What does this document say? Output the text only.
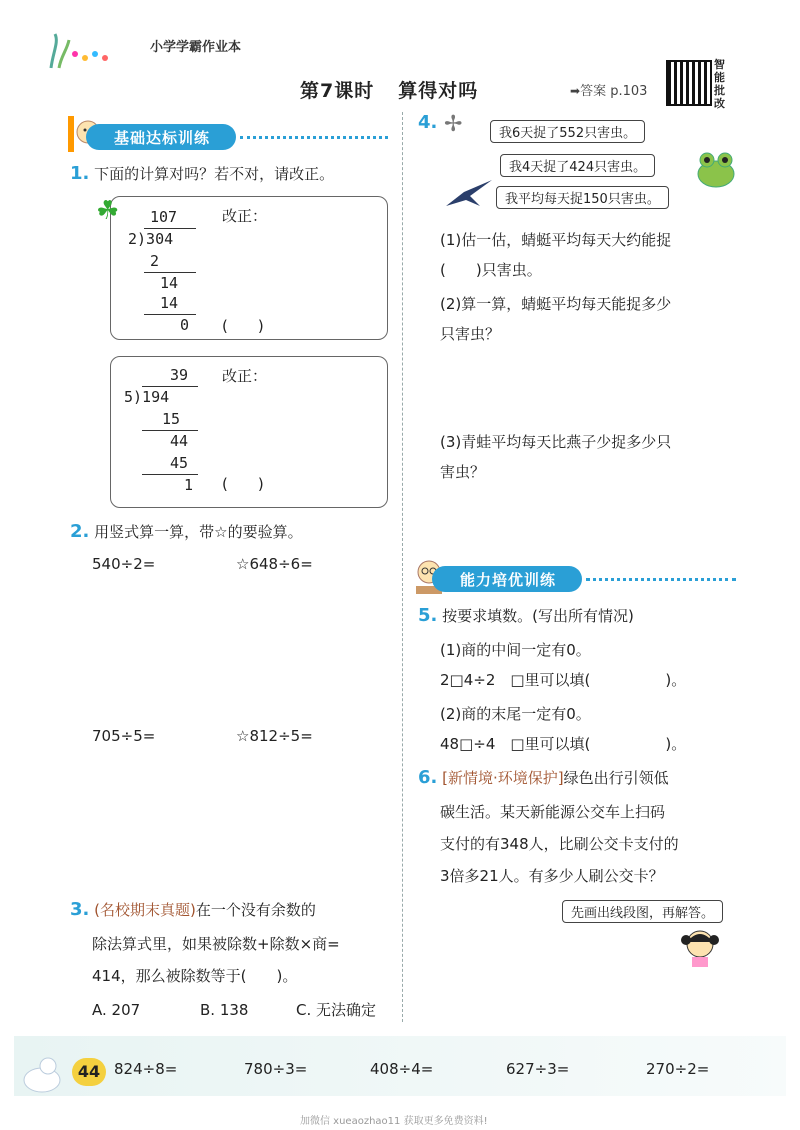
小学学霸作业本
第7课时 算得对吗	➡答案 p.103
智
能
批
改
基础达标训练
1. 下面的计算对吗？若不对，请改正。
☘ 107
2)304
2
14
14
0
改正：
(　　)
39
5)194
15
44
45
1
改正：
(　　)
2. 用竖式算一算，带☆的要验算。
540÷2=	☆648÷6=
705÷5=	☆812÷5=
3. (名校期末真题)在一个没有余数的
除法算式里，如果被除数+除数×商=
414，那么被除数等于(　　)。
A. 207	B. 138	C. 无法确定
4. ✢	我6天捉了552只害虫。
我4天捉了424只害虫。
我平均每天捉150只害虫。
(1)估一估，蜻蜓平均每天大约能捉
(　　)只害虫。
(2)算一算，蜻蜓平均每天能捉多少
只害虫？
(3)青蛙平均每天比燕子少捉多少只
害虫？
能力培优训练
5. 按要求填数。(写出所有情况)
(1)商的中间一定有0。
2□4÷2　□里可以填(　　　　　)。
(2)商的末尾一定有0。
48□÷4　□里可以填(　　　　　)。
6. [新情境·环境保护]绿色出行引领低
碳生活。某天新能源公交车上扫码
支付的有348人，比刷公交卡支付的
3倍多21人。有多少人刷公交卡？
先画出线段图，再解答。
44 824÷8=	780÷3=	408÷4=	627÷3=	270÷2=
加微信 xueaozhao11 获取更多免费资料!
